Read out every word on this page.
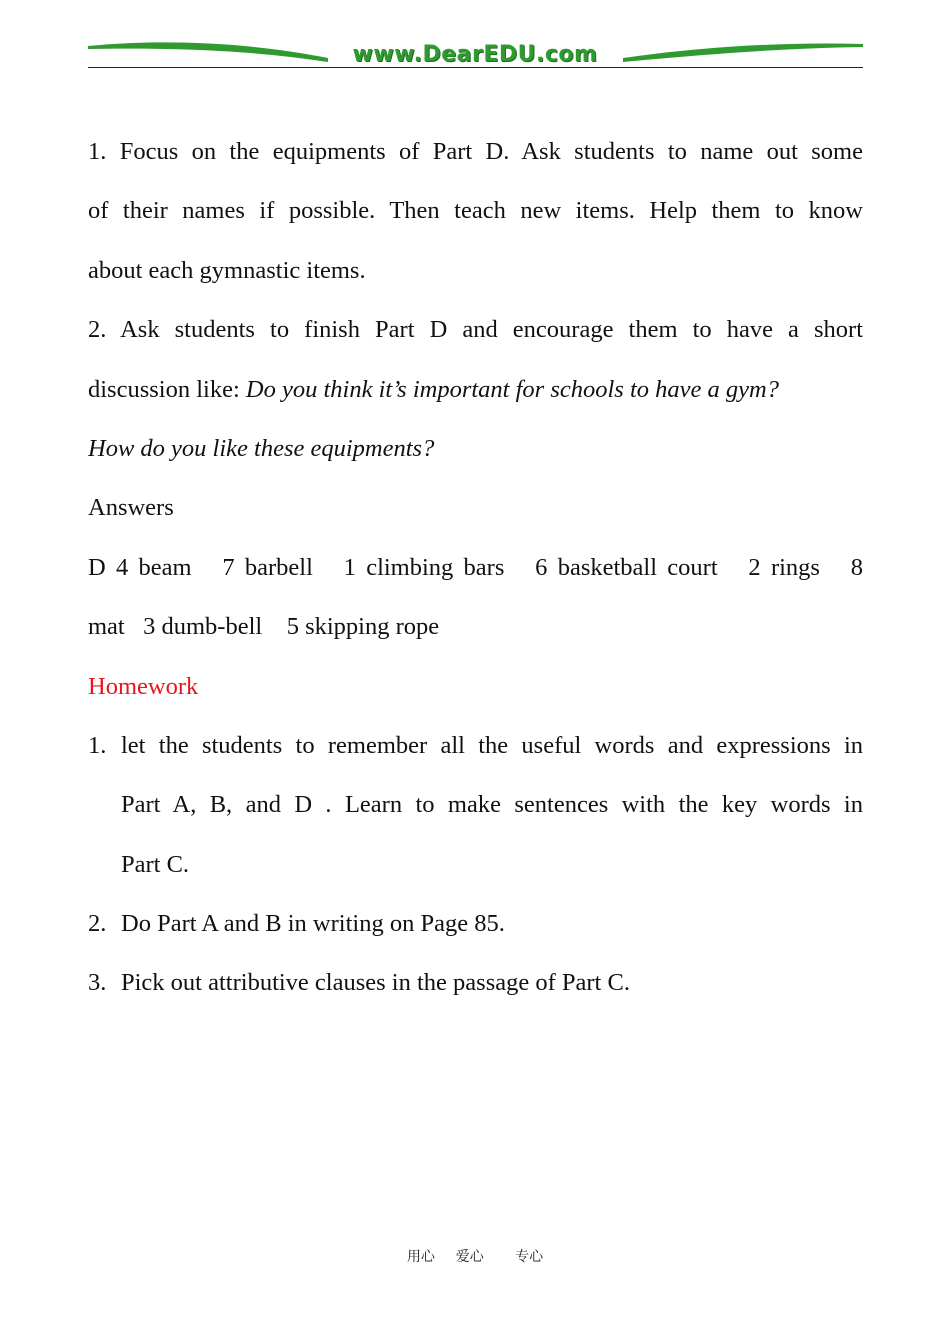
www.DearEDU.com
1. Focus on the equipments of Part D. Ask students to name out some
of their names if possible. Then teach new items. Help them to know
about each gymnastic items.
2. Ask students to finish Part D and encourage them to have a short
discussion like: Do you think it’s important for schools to have a gym?
How do you like these equipments?
Answers
D 4 beam   7 barbell   1 climbing bars   6 basketball court   2 rings   8
mat   3 dumb-bell    5 skipping rope
Homework
1. let the students to remember all the useful words and expressions in
Part A, B, and D . Learn to make sentences with the key words in
Part C.
2. Do Part A and B in writing on Page 85.
3. Pick out attributive clauses in the passage of Part C.
用心  爱心   专心
